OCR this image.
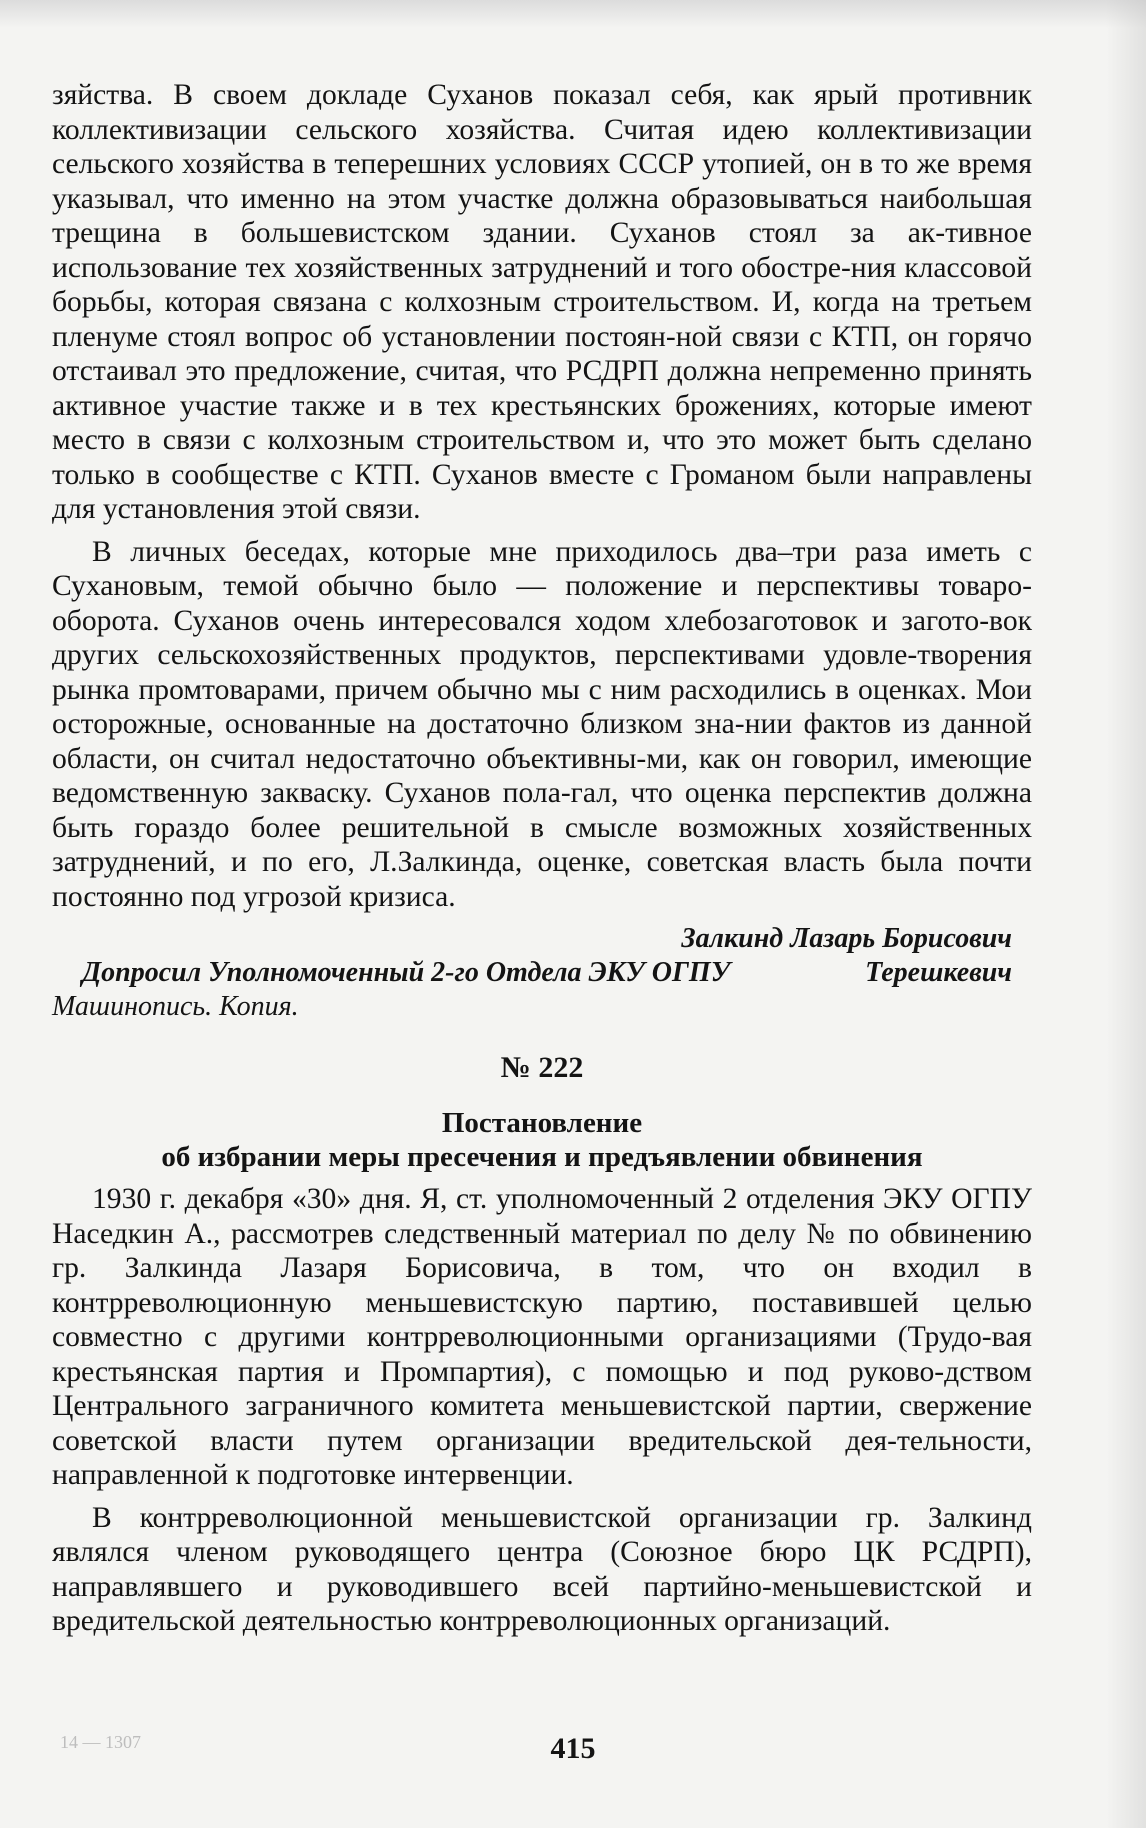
зяйства. В своем докладе Суханов показал себя, как ярый противник коллективизации сельского хозяйства. Считая идею коллективизации сельского хозяйства в теперешних условиях СССР утопией, он в то же время указывал, что именно на этом участке должна образовываться наибольшая трещина в большевистском здании. Суханов стоял за ак-тивное использование тех хозяйственных затруднений и того обостре-ния классовой борьбы, которая связана с колхозным строительством. И, когда на третьем пленуме стоял вопрос об установлении постоян-ной связи с КТП, он горячо отстаивал это предложение, считая, что РСДРП должна непременно принять активное участие также и в тех крестьянских брожениях, которые имеют место в связи с колхозным строительством и, что это может быть сделано только в сообществе с КТП. Суханов вместе с Громаном были направлены для установления этой связи.

В личных беседах, которые мне приходилось два–три раза иметь с Сухановым, темой обычно было — положение и перспективы товаро-оборота. Суханов очень интересовался ходом хлебозаготовок и загото-вок других сельскохозяйственных продуктов, перспективами удовле-творения рынка промтоварами, причем обычно мы с ним расходились в оценках. Мои осторожные, основанные на достаточно близком зна-нии фактов из данной области, он считал недостаточно объективны-ми, как он говорил, имеющие ведомственную закваску. Суханов пола-гал, что оценка перспектив должна быть гораздо более решительной в смысле возможных хозяйственных затруднений, и по его, Л.Залкинда, оценке, советская власть была почти постоянно под угрозой кризиса.

Залкинд Лазарь Борисович
Допросил Уполномоченный 2-го Отдела ЭКУ ОГПУ	Терешкевич
Машинопись. Копия.
№ 222
Постановление
об избрании меры пресечения и предъявлении обвинения

1930 г. декабря «30» дня. Я, ст. уполномоченный 2 отделения ЭКУ ОГПУ Наседкин А., рассмотрев следственный материал по делу № по обвинению гр. Залкинда Лазаря Борисовича, в том, что он входил в контрреволюционную меньшевистскую партию, поставившей целью совместно с другими контрреволюционными организациями (Трудо-вая крестьянская партия и Промпартия), с помощью и под руково-дством Центрального заграничного комитета меньшевистской партии, свержение советской власти путем организации вредительской дея-тельности, направленной к подготовке интервенции.

В контрреволюционной меньшевистской организации гр. Залкинд являлся членом руководящего центра (Союзное бюро ЦК РСДРП), направлявшего и руководившего всей партийно-меньшевистской и вредительской деятельностью контрреволюционных организаций.

14 — 1307	415
